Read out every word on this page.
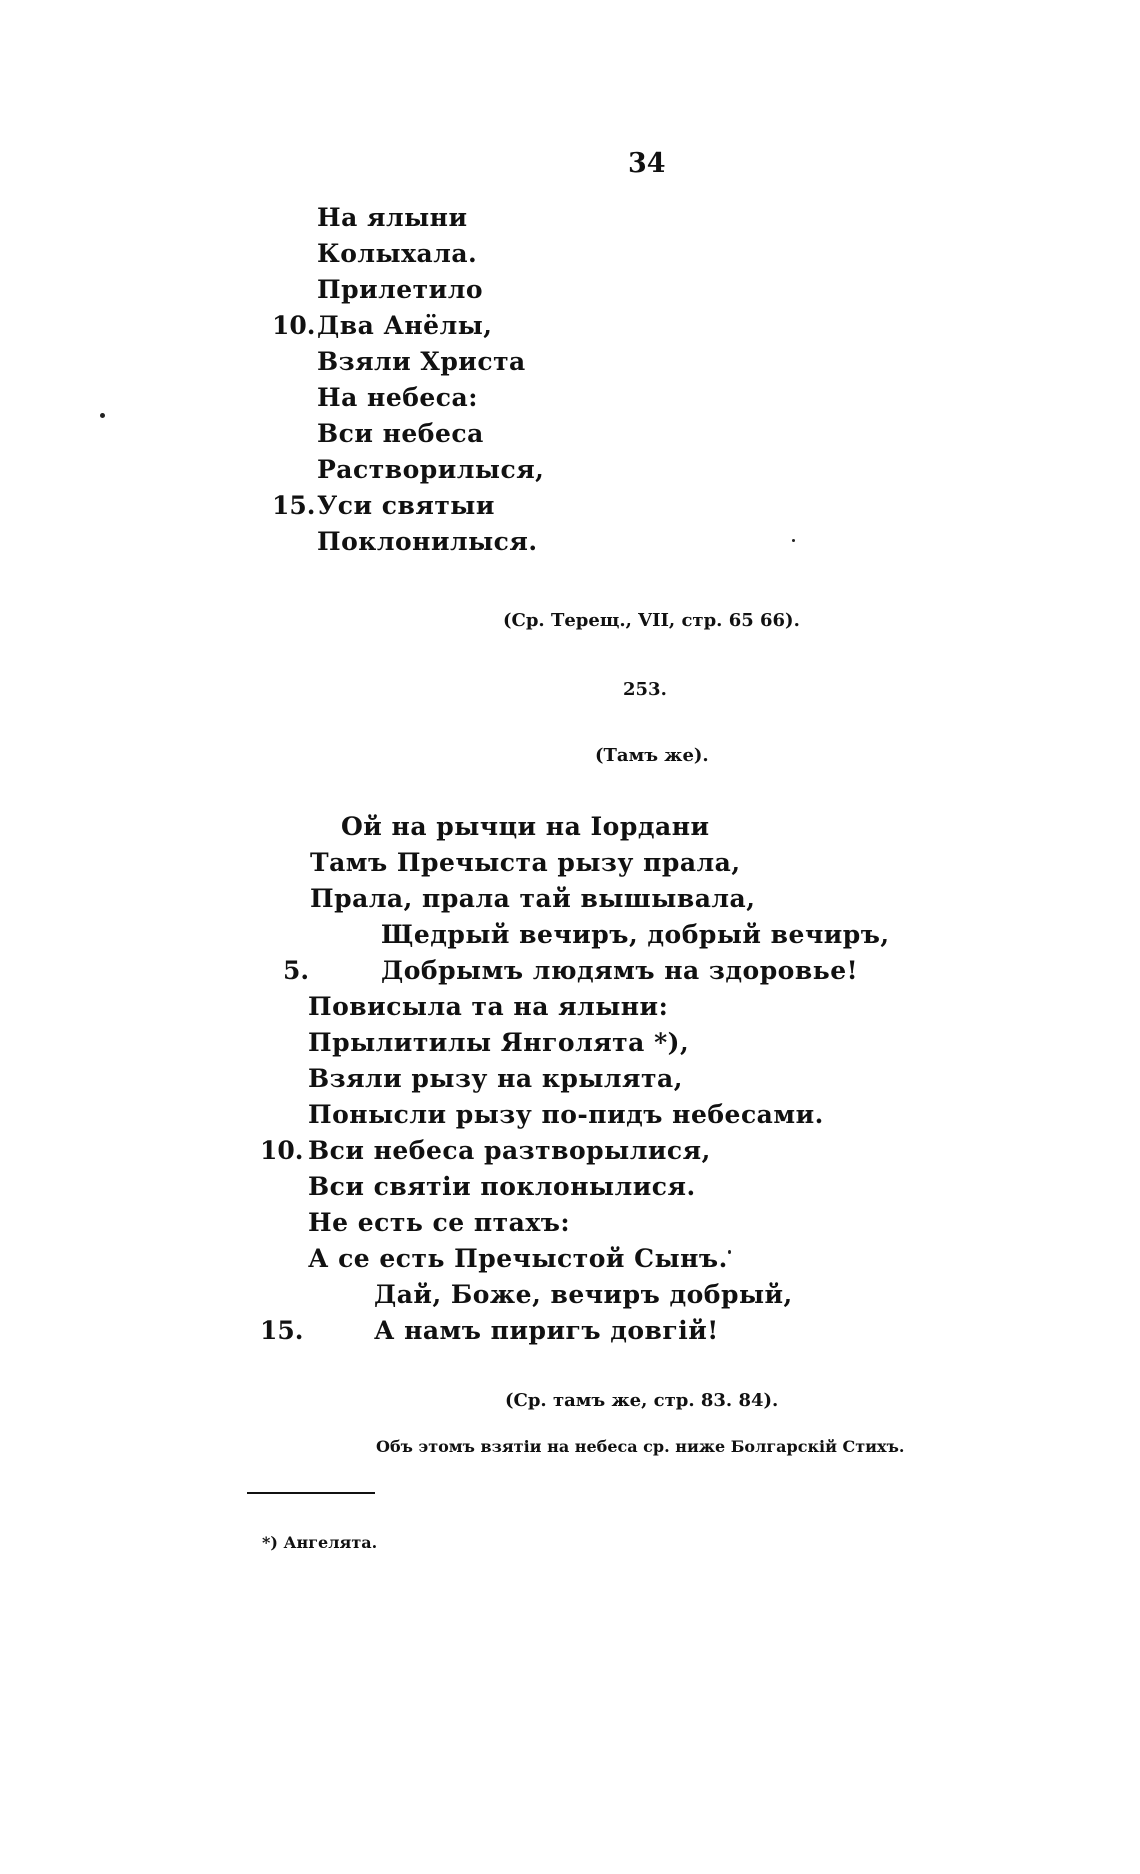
34
На ялыни
Колыхала.
Прилетило
10. Два Анёлы,
Взяли Христа
На небеса:
Вси небеса
Растворилыся,
15. Уси святыи
Поклонилыся.
(Ср. Терещ., VII, стр. 65 66).
253.
(Тамъ же).
Ой на рычци на Іордани
Тамъ Пречыста рызу прала,
Прала, прала тай вышывала,
Щедрый вечиръ, добрый вечиръ,
5.	Добрымъ людямъ на здоровье!
Повисыла та на ялыни:
Прылитилы Янголята *),
Взяли рызу на крылята,
Понысли рызу по-пидъ небесами.
10. Вси небеса разтворылися,
Вси святіи поклонылися.
Не есть се птахъ:
А се есть Пречыстой Сынъ.
Дай, Боже, вечиръ добрый,
15.	А намъ пиригъ довгій!
(Ср. тамъ же, стр. 83. 84).
Объ этомъ взятіи на небеса ср. ниже Болгарскій Стихъ.
*) Ангелята.
